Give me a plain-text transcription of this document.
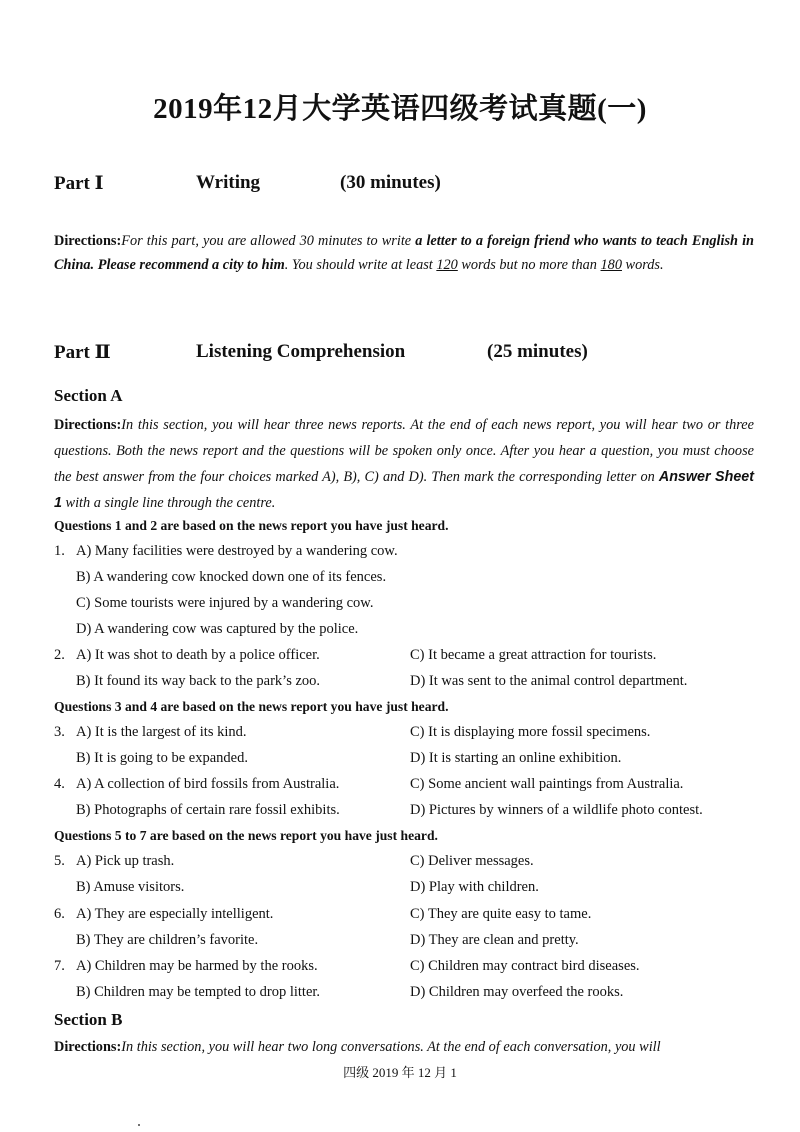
2019年12月大学英语四级考试真题(一)
Part Ⅰ	Writing	(30 minutes)
Directions:For this part, you are allowed 30 minutes to write a letter to a foreign friend who wants to teach English in China. Please recommend a city to him. You should write at least 120 words but no more than 180 words.
Part Ⅱ	Listening Comprehension	(25 minutes)
Section A
Directions:In this section, you will hear three news reports. At the end of each news report, you will hear two or three questions. Both the news report and the questions will be spoken only once. After you hear a question, you must choose the best answer from the four choices marked A), B), C) and D). Then mark the corresponding letter on Answer Sheet 1 with a single line through the centre.
Questions 1 and 2 are based on the news report you have just heard.
1. A) Many facilities were destroyed by a wandering cow.
B) A wandering cow knocked down one of its fences.
C) Some tourists were injured by a wandering cow.
D) A wandering cow was captured by the police.
2. A) It was shot to death by a police officer.	C) It became a great attraction for tourists.
B) It found its way back to the park’s zoo.	D) It was sent to the animal control department.
Questions 3 and 4 are based on the news report you have just heard.
3. A) It is the largest of its kind.	C) It is displaying more fossil specimens.
B) It is going to be expanded.	D) It is starting an online exhibition.
4. A) A collection of bird fossils from Australia.	C) Some ancient wall paintings from Australia.
B) Photographs of certain rare fossil exhibits.	D) Pictures by winners of a wildlife photo contest.
Questions 5 to 7 are based on the news report you have just heard.
5. A) Pick up trash.	C) Deliver messages.
B) Amuse visitors.	D) Play with children.
6. A) They are especially intelligent.	C) They are quite easy to tame.
B) They are children’s favorite.	D) They are clean and pretty.
7. A) Children may be harmed by the rooks.	C) Children may contract bird diseases.
B) Children may be tempted to drop litter.	D) Children may overfeed the rooks.
Section B
Directions:In this section, you will hear two long conversations. At the end of each conversation, you will
四级 2019 年 12 月 1
